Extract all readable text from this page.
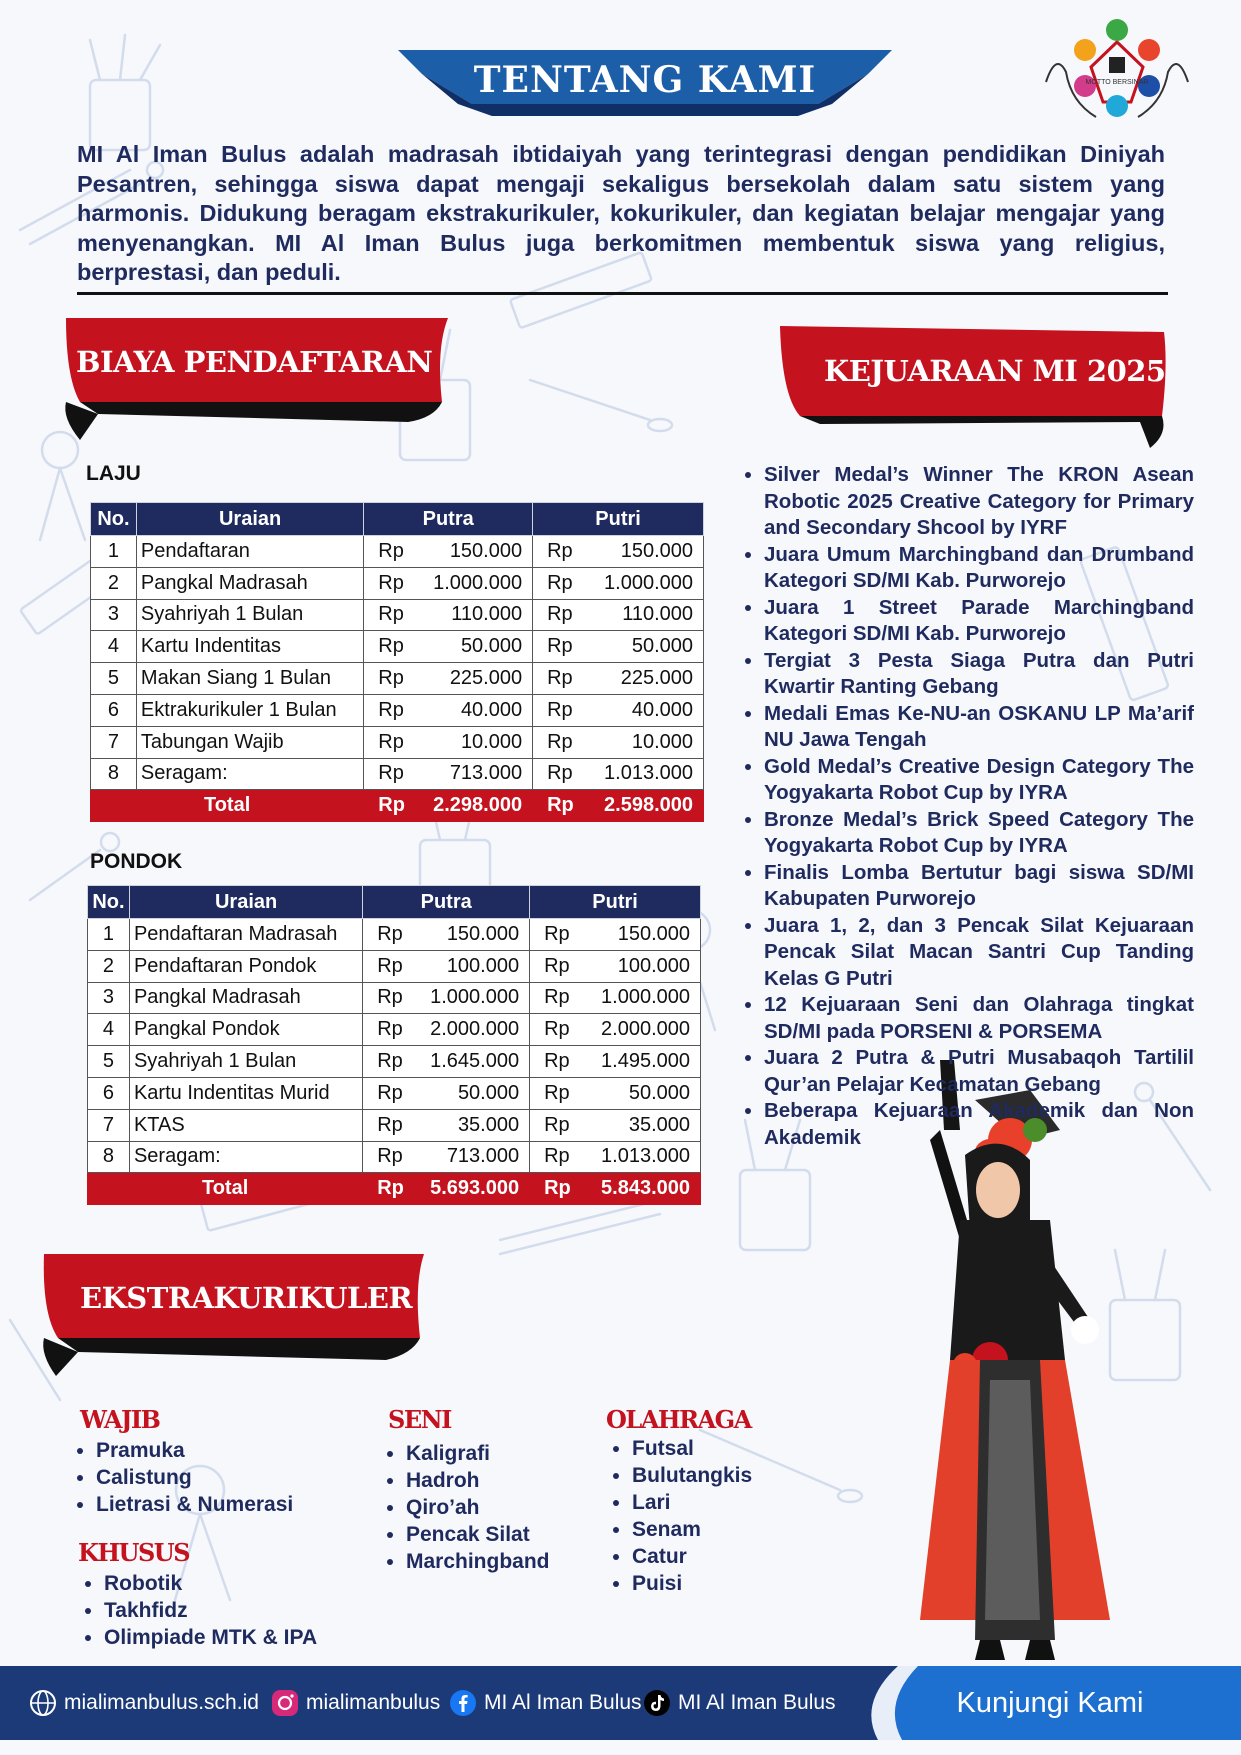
TENTANG KAMI	MOTTO BERSINAR
MI Al Iman Bulus adalah madrasah ibtidaiyah yang terintegrasi dengan pendidikan Diniyah Pesantren, sehingga siswa dapat mengaji sekaligus bersekolah dalam satu sistem yang harmonis. Didukung beragam ekstrakurikuler, kokurikuler, dan kegiatan belajar mengajar yang menyenangkan. MI Al Iman Bulus juga berkomitmen membentuk siswa yang religius, berprestasi, dan peduli.
BIAYA PENDAFTARAN
LAJU
No.	Uraian	Putra		Putri	
1	Pendaftaran	Rp	150.000	Rp	150.000
2	Pangkal Madrasah	Rp	1.000.000	Rp	1.000.000
3	Syahriyah 1 Bulan	Rp	110.000	Rp	110.000
4	Kartu Indentitas	Rp	50.000	Rp	50.000
5	Makan Siang 1 Bulan	Rp	225.000	Rp	225.000
6	Ektrakurikuler 1 Bulan	Rp	40.000	Rp	40.000
7	Tabungan Wajib	Rp	10.000	Rp	10.000
8	Seragam:	Rp	713.000	Rp	1.013.000
Total		Rp	2.298.000	Rp	2.598.000
PONDOK
No.	Uraian	Putra		Putri	
1	Pendaftaran Madrasah	Rp	150.000	Rp	150.000
2	Pendaftaran Pondok	Rp	100.000	Rp	100.000
3	Pangkal Madrasah	Rp	1.000.000	Rp	1.000.000
4	Pangkal Pondok	Rp	2.000.000	Rp	2.000.000
5	Syahriyah 1 Bulan	Rp	1.645.000	Rp	1.495.000
6	Kartu Indentitas Murid	Rp	50.000	Rp	50.000
7	KTAS	Rp	35.000	Rp	35.000
8	Seragam:	Rp	713.000	Rp	1.013.000
Total		Rp	5.693.000	Rp	5.843.000
KEJUARAAN MI 2025
• Silver Medal’s Winner The KRON Asean Robotic 2025 Creative Category for Primary and Secondary Shcool by IYRF
• Juara Umum Marchingband dan Drumband Kategori SD/MI Kab. Purworejo
• Juara 1 Street Parade Marchingband Kategori SD/MI Kab. Purworejo
• Tergiat 3 Pesta Siaga Putra dan Putri Kwartir Ranting Gebang
• Medali Emas Ke-NU-an OSKANU LP Ma’arif NU Jawa Tengah
• Gold Medal’s Creative Design Category The Yogyakarta Robot Cup by IYRA
• Bronze Medal’s Brick Speed Category The Yogyakarta Robot Cup by IYRA
• Finalis Lomba Bertutur bagi siswa SD/MI Kabupaten Purworejo
• Juara 1, 2, dan 3 Pencak Silat Kejuaraan Pencak Silat Macan Santri Cup Tanding Kelas G Putri
• 12 Kejuaraan Seni dan Olahraga tingkat SD/MI pada PORSENI & PORSEMA
• Juara 2 Putra & Putri Musabaqoh Tartilil Qur’an Pelajar Kecamatan Gebang
• Beberapa Kejuaraan Akademik dan Non Akademik
EKSTRAKURIKULER
WAJIB
• Pramuka
• Calistung
• Lietrasi & Numerasi
KHUSUS
• Robotik
• Takhfidz
• Olimpiade MTK & IPA
SENI
• Kaligrafi
• Hadroh
• Qiro’ah
• Pencak Silat
• Marchingband
OLAHRAGA
• Futsal
• Bulutangkis
• Lari
• Senam
• Catur
• Puisi
Kunjungi Kami
mialimanbulus.sch.id mialimanbulus MI Al Iman Bulus MI Al Iman Bulus
